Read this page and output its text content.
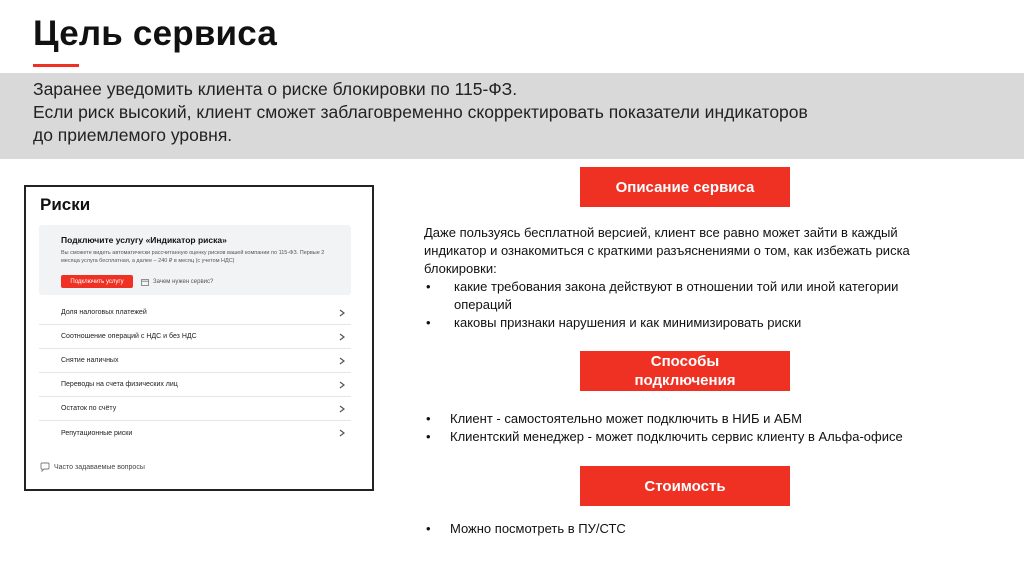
Цель сервиса

Заранее уведомить клиента о риске блокировки по 115-ФЗ.

Если риск высокий, клиент сможет заблаговременно скорректировать показатели индикаторов

до приемлемого уровня.

Риски

Подключите услугу «Индикатор риска»

Вы сможете видеть автоматически рассчитанную оценку рисков вашей компании по 115-ФЗ. Первые 2 месяца услуга бесплатная, а далее – 240 ₽ в месяц (с учетом НДС)

Подключить услугу	Зачем нужен сервис?
Доля налоговых платежей
Соотношение операций с НДС и без НДС
Снятие наличных
Переводы на счета физических лиц
Остаток по счёту
Репутационные риски
Часто задаваемые вопросы
Описание сервиса

Даже пользуясь бесплатной версией, клиент все равно может зайти в каждый индикатор и ознакомиться с краткими разъяснениями о том, как избежать риска блокировки:

• какие требования закона действуют в отношении той или иной категории операций
• каковы признаки нарушения и как минимизировать риски
Способы
подключения
• Клиент - самостоятельно может подключить в НИБ и АБМ
• Клиентский менеджер - может подключить сервис клиенту в Альфа-офисе
Стоимость
• Можно посмотреть в ПУ/СТС
